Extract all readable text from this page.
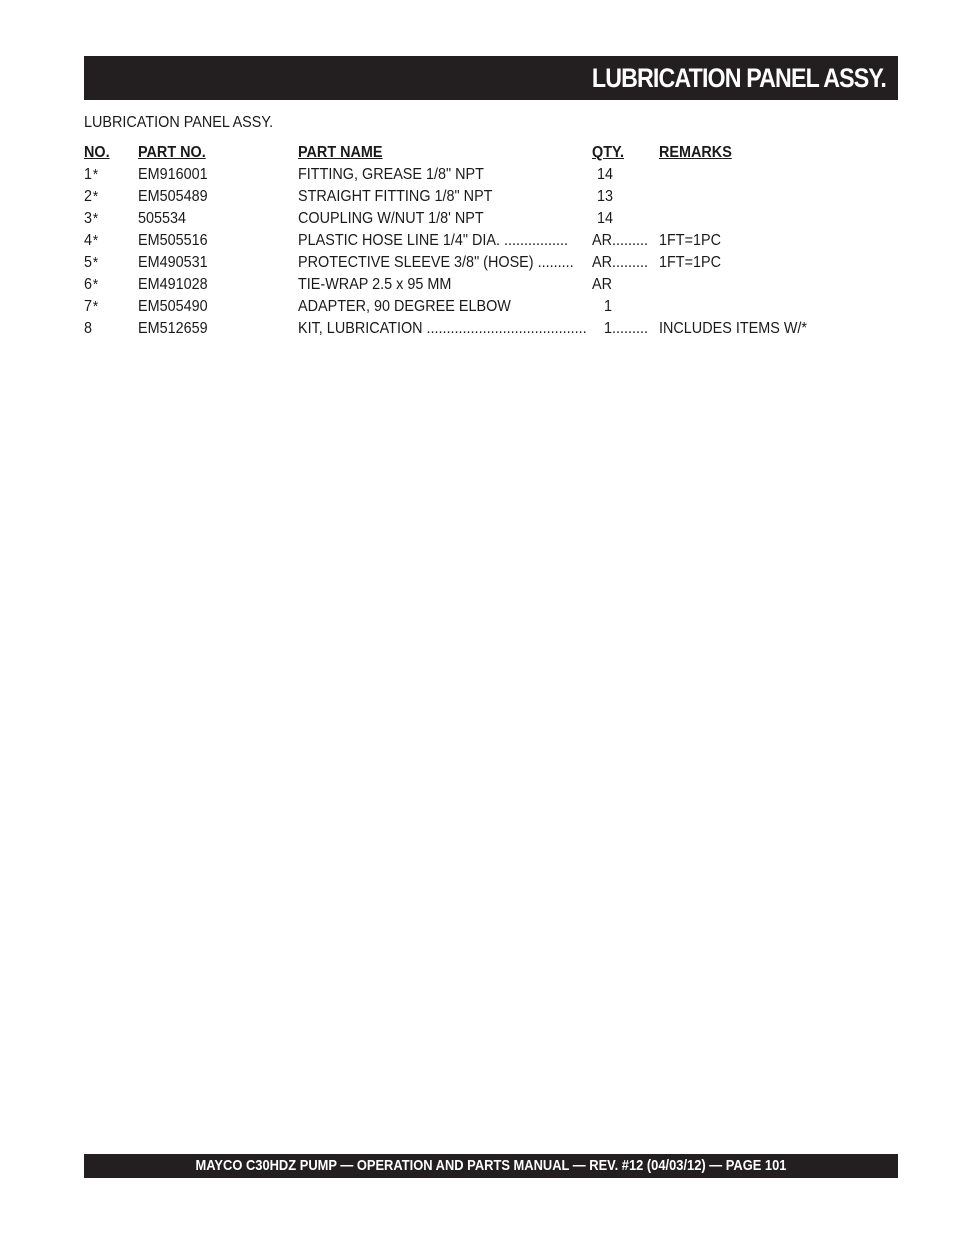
LUBRICATION PANEL ASSY.
LUBRICATION PANEL ASSY.
NO. PART NO.	PART NAME	QTY. REMARKS
1* EM916001	FITTING, GREASE 1/8" NPT	14
2* EM505489	STRAIGHT FITTING 1/8" NPT	13
3* 505534	COUPLING W/NUT 1/8' NPT	14
4* EM505516	PLASTIC HOSE LINE 1/4" DIA. ................ AR......... 1FT=1PC
5* EM490531	PROTECTIVE SLEEVE 3/8" (HOSE) ......... AR......... 1FT=1PC
6* EM491028	TIE-WRAP 2.5 x 95 MM	AR
7* EM505490	ADAPTER, 90 DEGREE ELBOW	1
8	EM512659	KIT, LUBRICATION ........................................ 1......... INCLUDES ITEMS W/*
MAYCO C30HDZ PUMP — OPERATION AND PARTS MANUAL — REV. #12 (04/03/12) — PAGE 101
